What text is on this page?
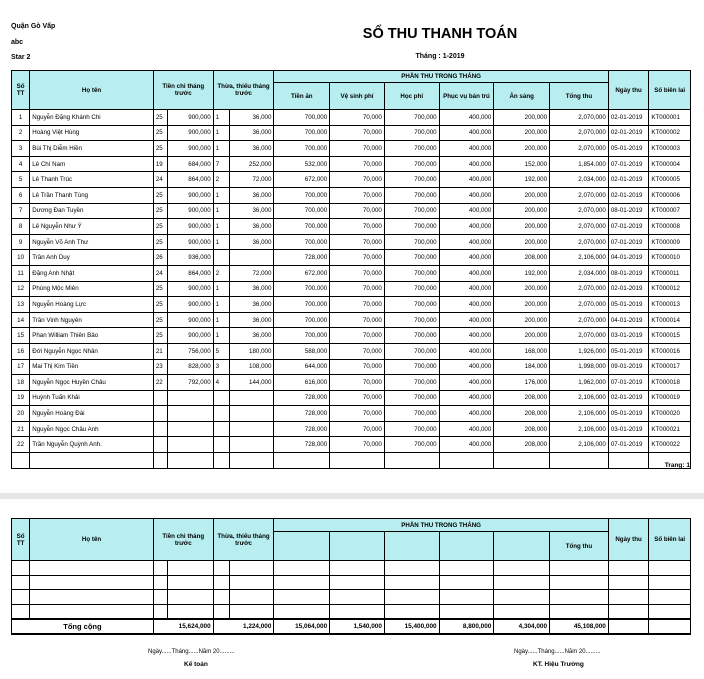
Quận Gò Vấp
abc
Star 2
SỔ THU THANH TOÁN
Tháng : 1-2019
Số TT	Họ tên	Tiền chi tháng trước		Thừa, thiếu tháng trước		PHẦN THU TRONG THÁNG						Ngày thu	Số biên lai
						Tiền ăn	Vệ sinh phí	Học phí	Phục vụ bán trú	Ăn sáng	Tổng thu		
1	Nguyễn Đặng Khánh Chi	25	900,000	1	36,000	700,000	70,000	700,000	400,000	200,000	2,070,000	02-01-2019	KT000001
2	Hoàng Việt Hùng	25	900,000	1	36,000	700,000	70,000	700,000	400,000	200,000	2,070,000	02-01-2019	KT000002
3	Bùi Thị Diễm Hiền	25	900,000	1	36,000	700,000	70,000	700,000	400,000	200,000	2,070,000	05-01-2019	KT000003
4	Lê Chí Nam	19	684,000	7	252,000	532,000	70,000	700,000	400,000	152,000	1,854,000	07-01-2019	KT000004
5	Lê Thanh Trúc	24	864,000	2	72,000	672,000	70,000	700,000	400,000	192,000	2,034,000	02-01-2019	KT000005
6	Lê Trần Thanh Tùng	25	900,000	1	36,000	700,000	70,000	700,000	400,000	200,000	2,070,000	02-01-2019	KT000006
7	Dương Đan Tuyền	25	900,000	1	36,000	700,000	70,000	700,000	400,000	200,000	2,070,000	08-01-2019	KT000007
8	Lê Nguyễn Như Ý	25	900,000	1	36,000	700,000	70,000	700,000	400,000	200,000	2,070,000	07-01-2019	KT000008
9	Nguyễn Võ Anh Thư	25	900,000	1	36,000	700,000	70,000	700,000	400,000	200,000	2,070,000	07-01-2019	KT000009
10	Trần Anh Duy	26	936,000			728,000	70,000	700,000	400,000	208,000	2,106,000	04-01-2019	KT000010
11	Đặng Anh Nhật	24	864,000	2	72,000	672,000	70,000	700,000	400,000	192,000	2,034,000	08-01-2019	KT000011
12	Phùng Mộc Miên	25	900,000	1	36,000	700,000	70,000	700,000	400,000	200,000	2,070,000	02-01-2019	KT000012
13	Nguyễn Hoàng Lực	25	900,000	1	36,000	700,000	70,000	700,000	400,000	200,000	2,070,000	05-01-2019	KT000013
14	Trần Vinh Nguyên	25	900,000	1	36,000	700,000	70,000	700,000	400,000	200,000	2,070,000	04-01-2019	KT000014
15	Phan William Thiên Bảo	25	900,000	1	36,000	700,000	70,000	700,000	400,000	200,000	2,070,000	03-01-2019	KT000015
16	Đới Nguyễn Ngọc Nhân	21	756,000	5	180,000	588,000	70,000	700,000	400,000	168,000	1,926,000	05-01-2019	KT000016
17	Mai Thị Kim Tiền	23	828,000	3	108,000	644,000	70,000	700,000	400,000	184,000	1,998,000	09-01-2019	KT000017
18	Nguyễn Ngọc Huyền Châu	22	792,000	4	144,000	616,000	70,000	700,000	400,000	176,000	1,962,000	07-01-2019	KT000018
19	Huỳnh Tuấn Khải					728,000	70,000	700,000	400,000	208,000	2,106,000	02-01-2019	KT000019
20	Nguyễn Hoàng Đài					728,000	70,000	700,000	400,000	208,000	2,106,000	05-01-2019	KT000020
21	Nguyễn Ngọc Châu Anh					728,000	70,000	700,000	400,000	208,000	2,106,000	03-01-2019	KT000021
22	Trần Nguyễn Quỳnh Anh.					728,000	70,000	700,000	400,000	208,000	2,106,000	07-01-2019	KT000022

Trang: 1
Số TT	Họ tên	Tiền chi tháng trước		Thừa, thiếu tháng trước		PHẦN THU TRONG THÁNG						Ngày thu	Số biên lai
											Tổng thu		

Tổng cộng		15,624,000		1,224,000		15,064,000	1,540,000	15,400,000	8,800,000	4,304,000	45,108,000		
Ngày......Tháng......Năm 20.........
Kế toán
Ngày......Tháng......Năm 20.........
KT. Hiệu Trưởng
